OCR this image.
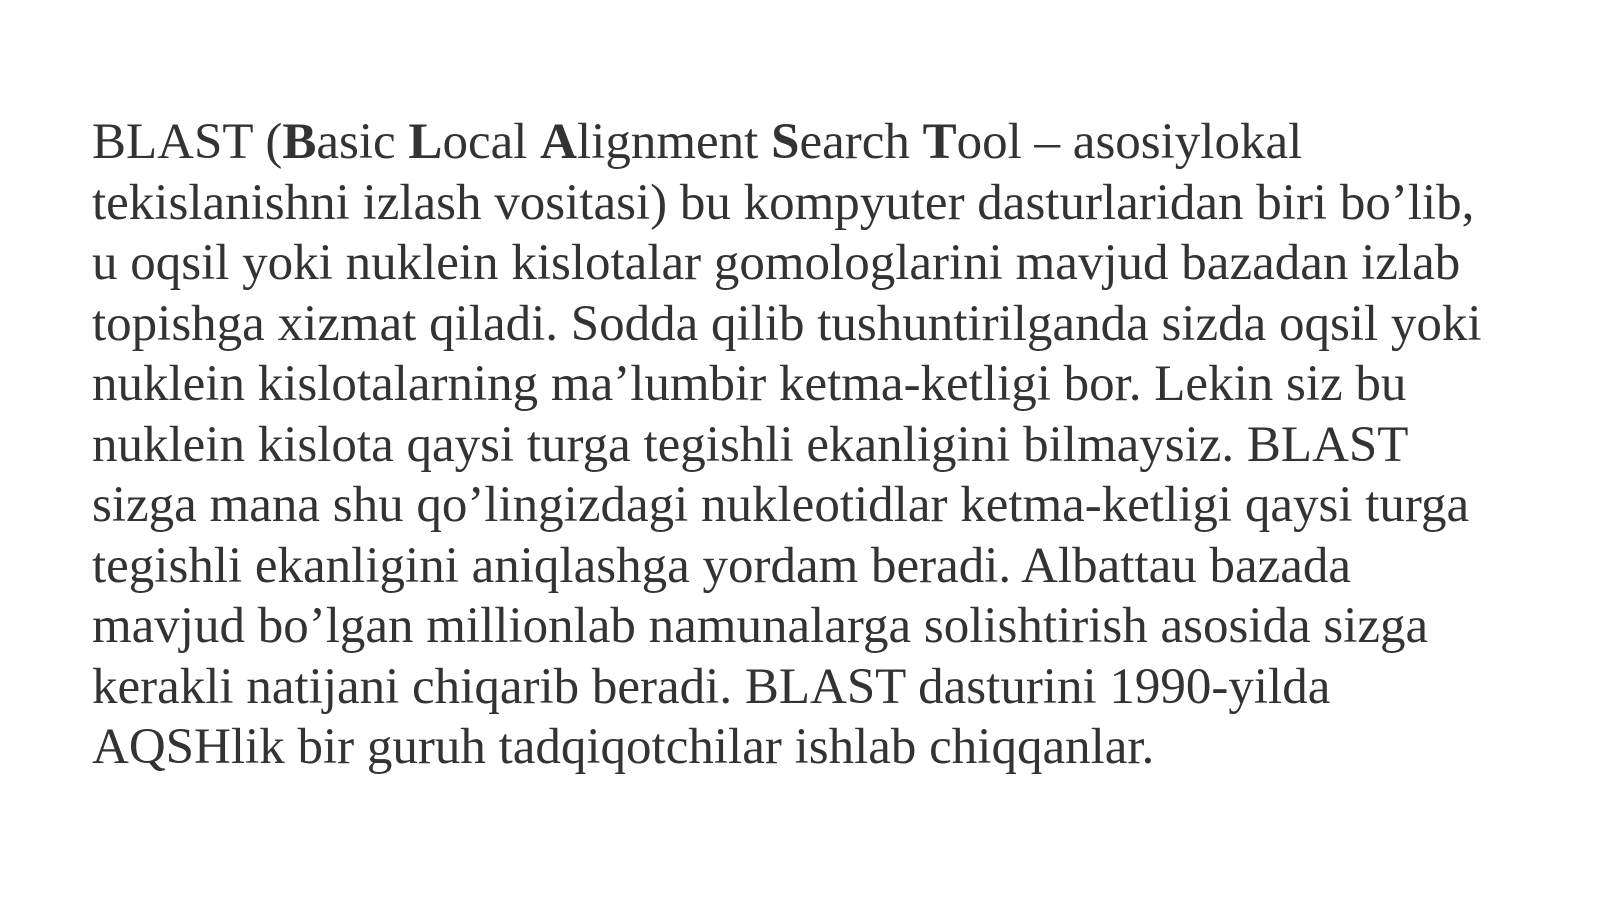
BLAST (Basic Local Alignment Search Tool – asosiylokal
tekislanishni izlash vositasi) bu kompyuter dasturlaridan biri bo’lib,
u oqsil yoki nuklein kislotalar gomologlarini mavjud bazadan izlab
topishga xizmat qiladi. Sodda qilib tushuntirilganda sizda oqsil yoki
nuklein kislotalarning ma’lumbir ketma-ketligi bor. Lekin siz bu
nuklein kislota qaysi turga tegishli ekanligini bilmaysiz. BLAST
sizga mana shu qo’lingizdagi nukleotidlar ketma-ketligi qaysi turga
tegishli ekanligini aniqlashga yordam beradi. Albattau bazada
mavjud bo’lgan millionlab namunalarga solishtirish asosida sizga
kerakli natijani chiqarib beradi. BLAST dasturini 1990-yilda
AQSHlik bir guruh tadqiqotchilar ishlab chiqqanlar.
